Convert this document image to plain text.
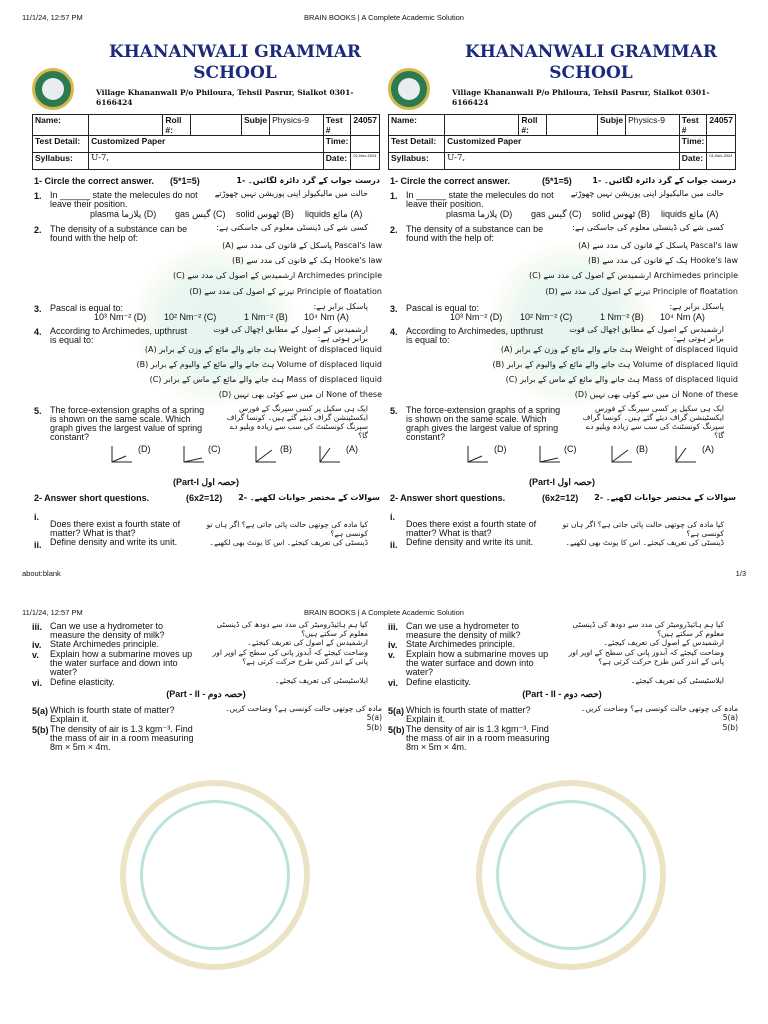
11/1/24, 12:57 PM	BRAIN BOOKS | A Complete Academic Solution
KHANANWALI GRAMMAR SCHOOL
Village Khananwali P/o Philoura, Tehsil Pasrur, Sialkot 0301-6166424
Name:		Roll #:		Subje	Physics-9	Test #	24057
Test Detail:	Customized Paper					Time:	
Syllabus:	U-7,					Date:	01-Nov-2024
1- Circle the correct answer. (5*1=5)	درست جواب کے گرد دائرہ لگائیں۔ -1
1. In ______ state the melecules do not leave their position.
حالت میں مالیکیولز اپنی پوزیشن نہیں چھوڑتے
plasma پلازما (D) gas گیس (C) solid ٹھوس (B) liquids مائع (A)
2. The density of a substance can be found with the help of:
کسی شے کی ڈینسٹی معلوم کی جاسکتی ہے:
Pascal's law پاسکل کے قانون کی مدد سے (A)
Hooke's law ہک کے قانون کی مدد سے (B)
Archimedes principle ارشمیدس کے اصول کی مدد سے (C)
Principle of floatation تیرنے کے اصول کی مدد سے (D)
3. Pascal is equal to:	پاسکل برابر ہے:
10³ Nm⁻² (D) 10² Nm⁻² (C)	1 Nm⁻² (B) 10⁴ Nm (A)
4. According to Archimedes, upthrust is equal to:
ارشمیدس کے اصول کے مطابق اچھال کی قوت برابر ہوتی ہے:
Weight of displaced liquid ہٹ جانے والے مائع کے وزن کے برابر (A)
Volume of displaced liquid ہٹ جانے والے مائع کے والیوم کے برابر (B)
Mass of displaced liquid ہٹ جانے والے مائع کے ماس کے برابر (C)
None of these ان میں سے کوئی بھی نہیں (D)
5. The force-extension graphs of a spring is shown on the same scale. Which graph gives the largest value of spring constant?
ایک ہی سکیل پر کسی سپرنگ کے فورس ایکسٹینشن گراف دیئے گئے ہیں۔ کونسا گراف سپرنگ کونسٹنٹ کی سب سے زیادہ ویلیو دے گا؟
(D)	(C)	(B)	(A)
(Part-I حصہ اول)
2- Answer short questions.	(6x2=12)	سوالات کے مختصر جوابات لکھیے۔ -2
i.
Does there exist a fourth state of matter? What is that?
کیا مادہ کی چوتھی حالت پائی جاتی ہے؟ اگر ہاں تو کونسی ہے؟
ii. Define density and write its unit.	ڈینسٹی کی تعریف کیجئے۔ اس کا یونٹ بھی لکھیے۔
KHANANWALI GRAMMAR SCHOOL
Village Khananwali P/o Philoura, Tehsil Pasrur, Sialkot 0301-6166424
Name:		Roll #:		Subje	Physics-9	Test #	24057
Test Detail:	Customized Paper					Time:	
Syllabus:	U-7,					Date:	01-Nov-2024
1- Circle the correct answer.	(5*1=5)	درست جواب کے گرد دائرہ لگائیں۔ -1
1. In ______ state the melecules do not leave their position.
حالت میں مالیکیولز اپنی پوزیشن نہیں چھوڑتے
plasma پلازما (D) gas گیس (C) solid ٹھوس (B) liquids مائع (A)
2. The density of a substance can be found with the help of:
کسی شے کی ڈینسٹی معلوم کی جاسکتی ہے:
Pascal's law پاسکل کے قانون کی مدد سے (A)
Hooke's law ہک کے قانون کی مدد سے (B)
Archimedes principle ارشمیدس کے اصول کی مدد سے (C)
Principle of floatation تیرنے کے اصول کی مدد سے (D)
3. Pascal is equal to:	پاسکل برابر ہے:
10³ Nm⁻² (D) 10² Nm⁻² (C)	1 Nm⁻² (B) 10⁴ Nm (A)
4. According to Archimedes, upthrust is equal to:
ارشمیدس کے اصول کے مطابق اچھال کی قوت برابر ہوتی ہے:
Weight of displaced liquid ہٹ جانے والے مائع کے وزن کے برابر (A)
Volume of displaced liquid ہٹ جانے والے مائع کے والیوم کے برابر (B)
Mass of displaced liquid ہٹ جانے والے مائع کے ماس کے برابر (C)
None of these ان میں سے کوئی بھی نہیں (D)
5. The force-extension graphs of a spring is shown on the same scale. Which graph gives the largest value of spring constant?
ایک ہی سکیل پر کسی سپرنگ کے فورس ایکسٹینشن گراف دیئے گئے ہیں۔ کونسا گراف سپرنگ کونسٹنٹ کی سب سے زیادہ ویلیو دے گا؟
(D)	(C)	(B)	(A)
(Part-I حصہ اول)
2- Answer short questions.	(6x2=12)	سوالات کے مختصر جوابات لکھیے۔ -2
i.
Does there exist a fourth state of matter? What is that?
کیا مادہ کی چوتھی حالت پائی جاتی ہے؟ اگر ہاں تو کونسی ہے؟
ii. Define density and write its unit.	ڈینسٹی کی تعریف کیجئے۔ اس کا یونٹ بھی لکھیے۔
about:blank	1/3
11/1/24, 12:57 PM	BRAIN BOOKS | A Complete Academic Solution
iii. Can we use a hydrometer to measure the density of milk?
کیا ہم ہائیڈرومیٹر کی مدد سے دودھ کی ڈینسٹی معلوم کر سکتے ہیں؟
iv. State Archimedes principle.	ارشمیدس کے اصول کی تعریف کیجئے۔
v. Explain how a submarine moves up the water surface and down into water?
وضاحت کیجئے کہ آبدوز پانی کی سطح کے اوپر اور پانی کے اندر کس طرح حرکت کرتی ہے؟
vi. Define elasticity.	ایلاسٹیسٹی کی تعریف کیجئے۔
(Part - II - حصہ دوم)
5(a) Which is fourth state of matter? Explain it.
مادہ کی چوتھی حالت کونسی ہے؟ وضاحت کریں۔ (a)5
5(b) The density of air is 1.3 kgm⁻³. Find the mass of air in a room measuring 8m × 5m × 4m.
(b)5
iii. Can we use a hydrometer to measure the density of milk?
کیا ہم ہائیڈرومیٹر کی مدد سے دودھ کی ڈینسٹی معلوم کر سکتے ہیں؟
iv. State Archimedes principle.	ارشمیدس کے اصول کی تعریف کیجئے۔
v. Explain how a submarine moves up the water surface and down into water?
وضاحت کیجئے کہ آبدوز پانی کی سطح کے اوپر اور پانی کے اندر کس طرح حرکت کرتی ہے؟
vi. Define elasticity.	ایلاسٹیسٹی کی تعریف کیجئے۔
(Part - II - حصہ دوم)
5(a) Which is fourth state of matter? Explain it.
مادہ کی چوتھی حالت کونسی ہے؟ وضاحت کریں۔ (a)5
5(b) The density of air is 1.3 kgm⁻³. Find the mass of air in a room measuring 8m × 5m × 4m.
(b)5
